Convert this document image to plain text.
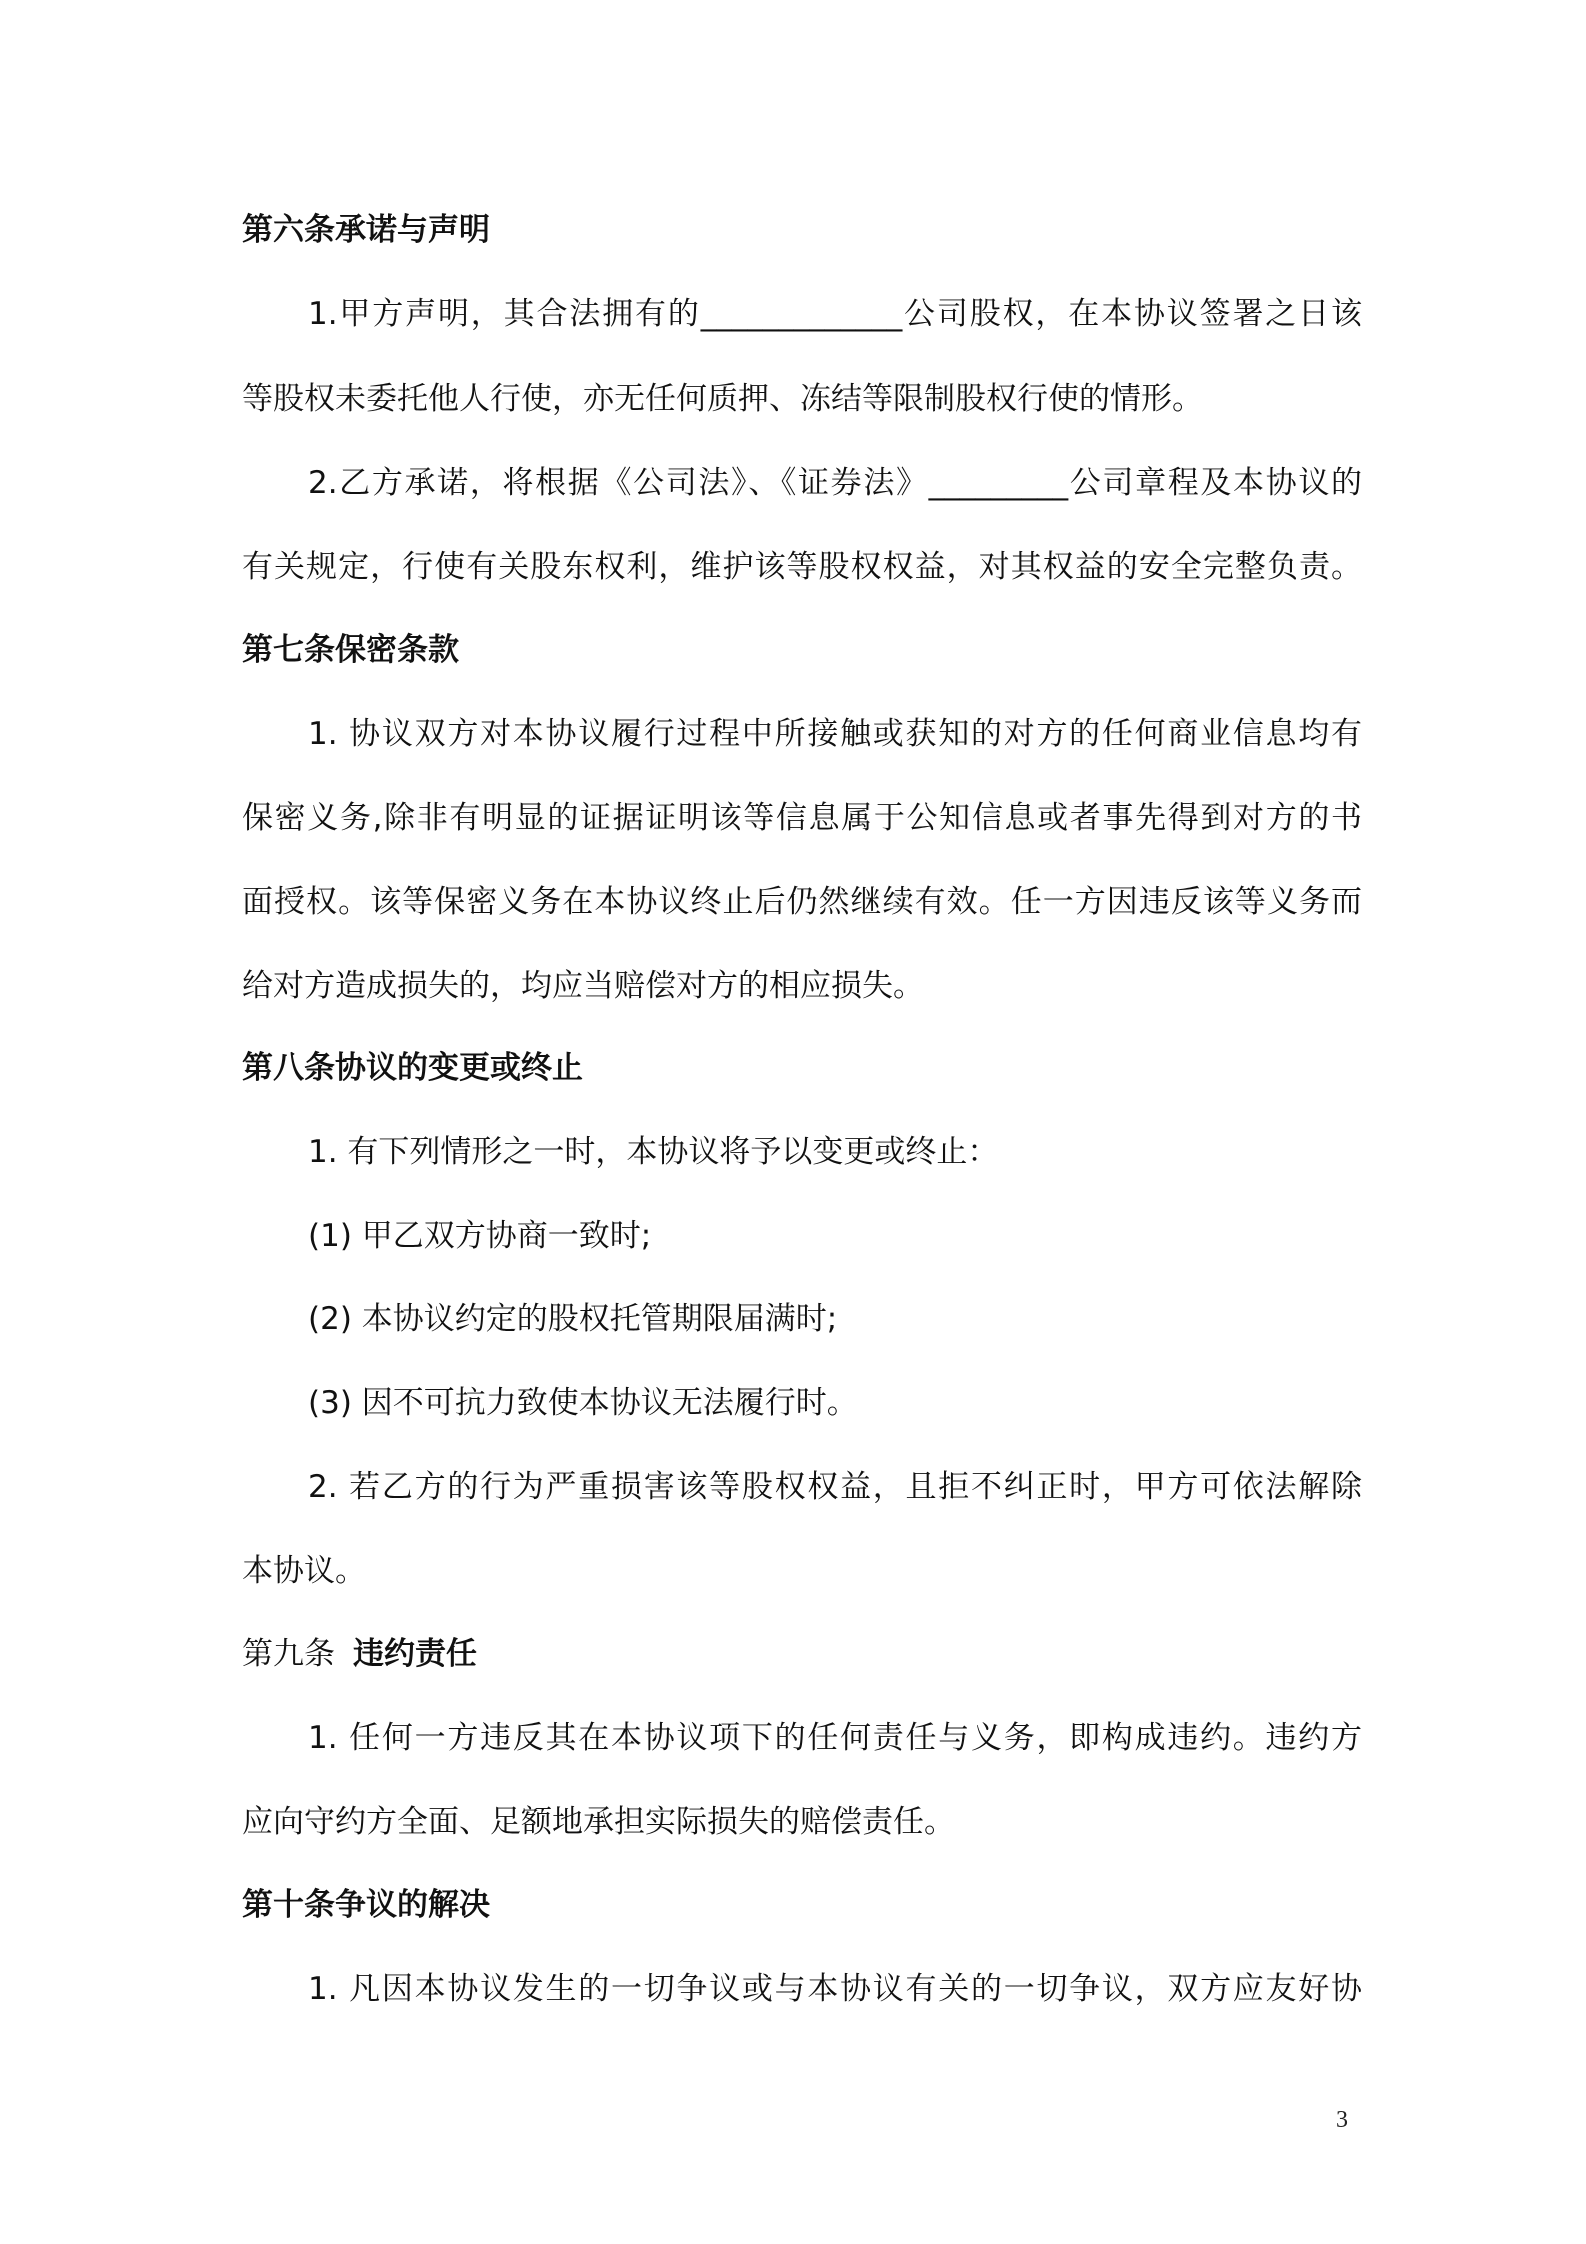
第六条承诺与声明
1.甲方声明，其合法拥有的_____________公司股权，在本协议签署之日该
等股权未委托他人行使，亦无任何质押、冻结等限制股权行使的情形。
2.乙方承诺，将根据《公司法》、《证券法》_________公司章程及本协议的
有关规定，行使有关股东权利，维护该等股权权益，对其权益的安全完整负责。
第七条保密条款
1. 协议双方对本协议履行过程中所接触或获知的对方的任何商业信息均有
保密义务,除非有明显的证据证明该等信息属于公知信息或者事先得到对方的书
面授权。该等保密义务在本协议终止后仍然继续有效。任一方因违反该等义务而
给对方造成损失的，均应当赔偿对方的相应损失。
第八条协议的变更或终止
1. 有下列情形之一时，本协议将予以变更或终止：
(1) 甲乙双方协商一致时;
(2) 本协议约定的股权托管期限届满时;
(3) 因不可抗力致使本协议无法履行时。
2. 若乙方的行为严重损害该等股权权益，且拒不纠正时，甲方可依法解除
本协议。
第九条 违约责任
1. 任何一方违反其在本协议项下的任何责任与义务，即构成违约。违约方
应向守约方全面、足额地承担实际损失的赔偿责任。
第十条争议的解决
1. 凡因本协议发生的一切争议或与本协议有关的一切争议，双方应友好协
3
